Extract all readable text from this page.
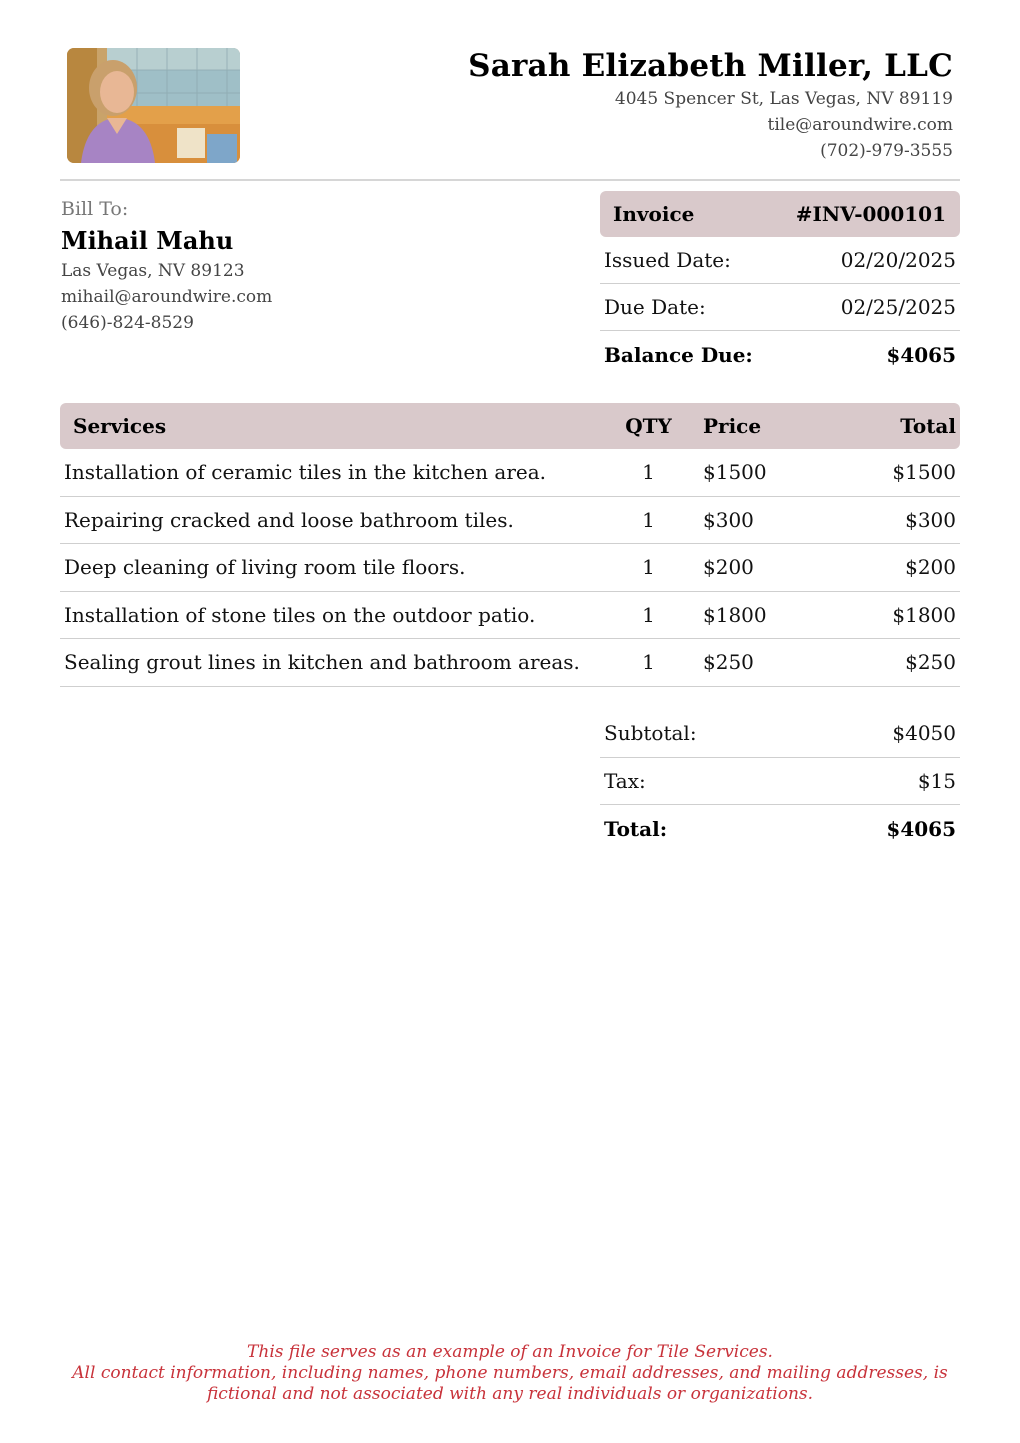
Sarah Elizabeth Miller, LLC
4045 Spencer St, Las Vegas, NV 89119
tile@aroundwire.com
(702)-979-3555
Bill To:
Mihail Mahu
Las Vegas, NV 89123
mihail@aroundwire.com
(646)-824-8529
Invoice	#INV-000101
Issued Date:	02/20/2025
Due Date:	02/25/2025
Balance Due:	$4065
Services	QTY	Price	Total
Installation of ceramic tiles in the kitchen area.	1	$1500	$1500
Repairing cracked and loose bathroom tiles.	1	$300	$300
Deep cleaning of living room tile floors.	1	$200	$200
Installation of stone tiles on the outdoor patio.	1	$1800	$1800
Sealing grout lines in kitchen and bathroom areas.	1	$250	$250
Subtotal:	$4050
Tax:	$15
Total:	$4065
This file serves as an example of an Invoice for Tile Services.
All contact information, including names, phone numbers, email addresses, and mailing addresses, is
fictional and not associated with any real individuals or organizations.
